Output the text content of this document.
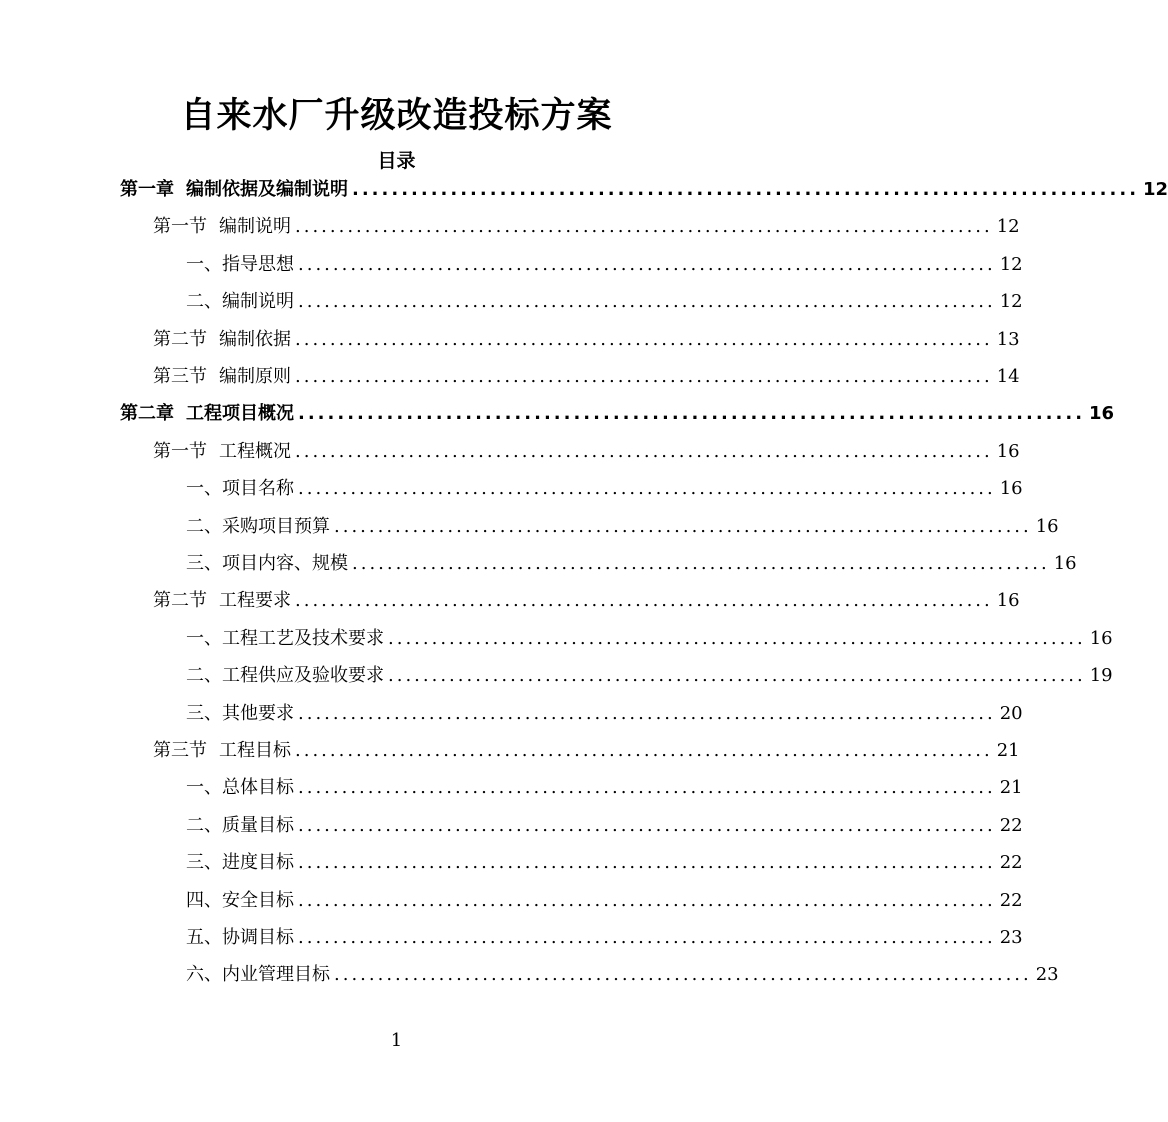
自来水厂升级改造投标方案
目录
第一章 编制依据及编制说明 ................................................................................ 12
第一节 编制说明 ................................................................................ 12
一、指导思想 ................................................................................ 12
二、编制说明 ................................................................................ 12
第二节 编制依据 ................................................................................ 13
第三节 编制原则 ................................................................................ 14
第二章 工程项目概况 ................................................................................ 16
第一节 工程概况 ................................................................................ 16
一、项目名称 ................................................................................ 16
二、采购项目预算 ................................................................................ 16
三、项目内容、规模 ................................................................................ 16
第二节 工程要求 ................................................................................ 16
一、工程工艺及技术要求 ................................................................................ 16
二、工程供应及验收要求 ................................................................................ 19
三、其他要求 ................................................................................ 20
第三节 工程目标 ................................................................................ 21
一、总体目标 ................................................................................ 21
二、质量目标 ................................................................................ 22
三、进度目标 ................................................................................ 22
四、安全目标 ................................................................................ 22
五、协调目标 ................................................................................ 23
六、内业管理目标 ................................................................................ 23
1
